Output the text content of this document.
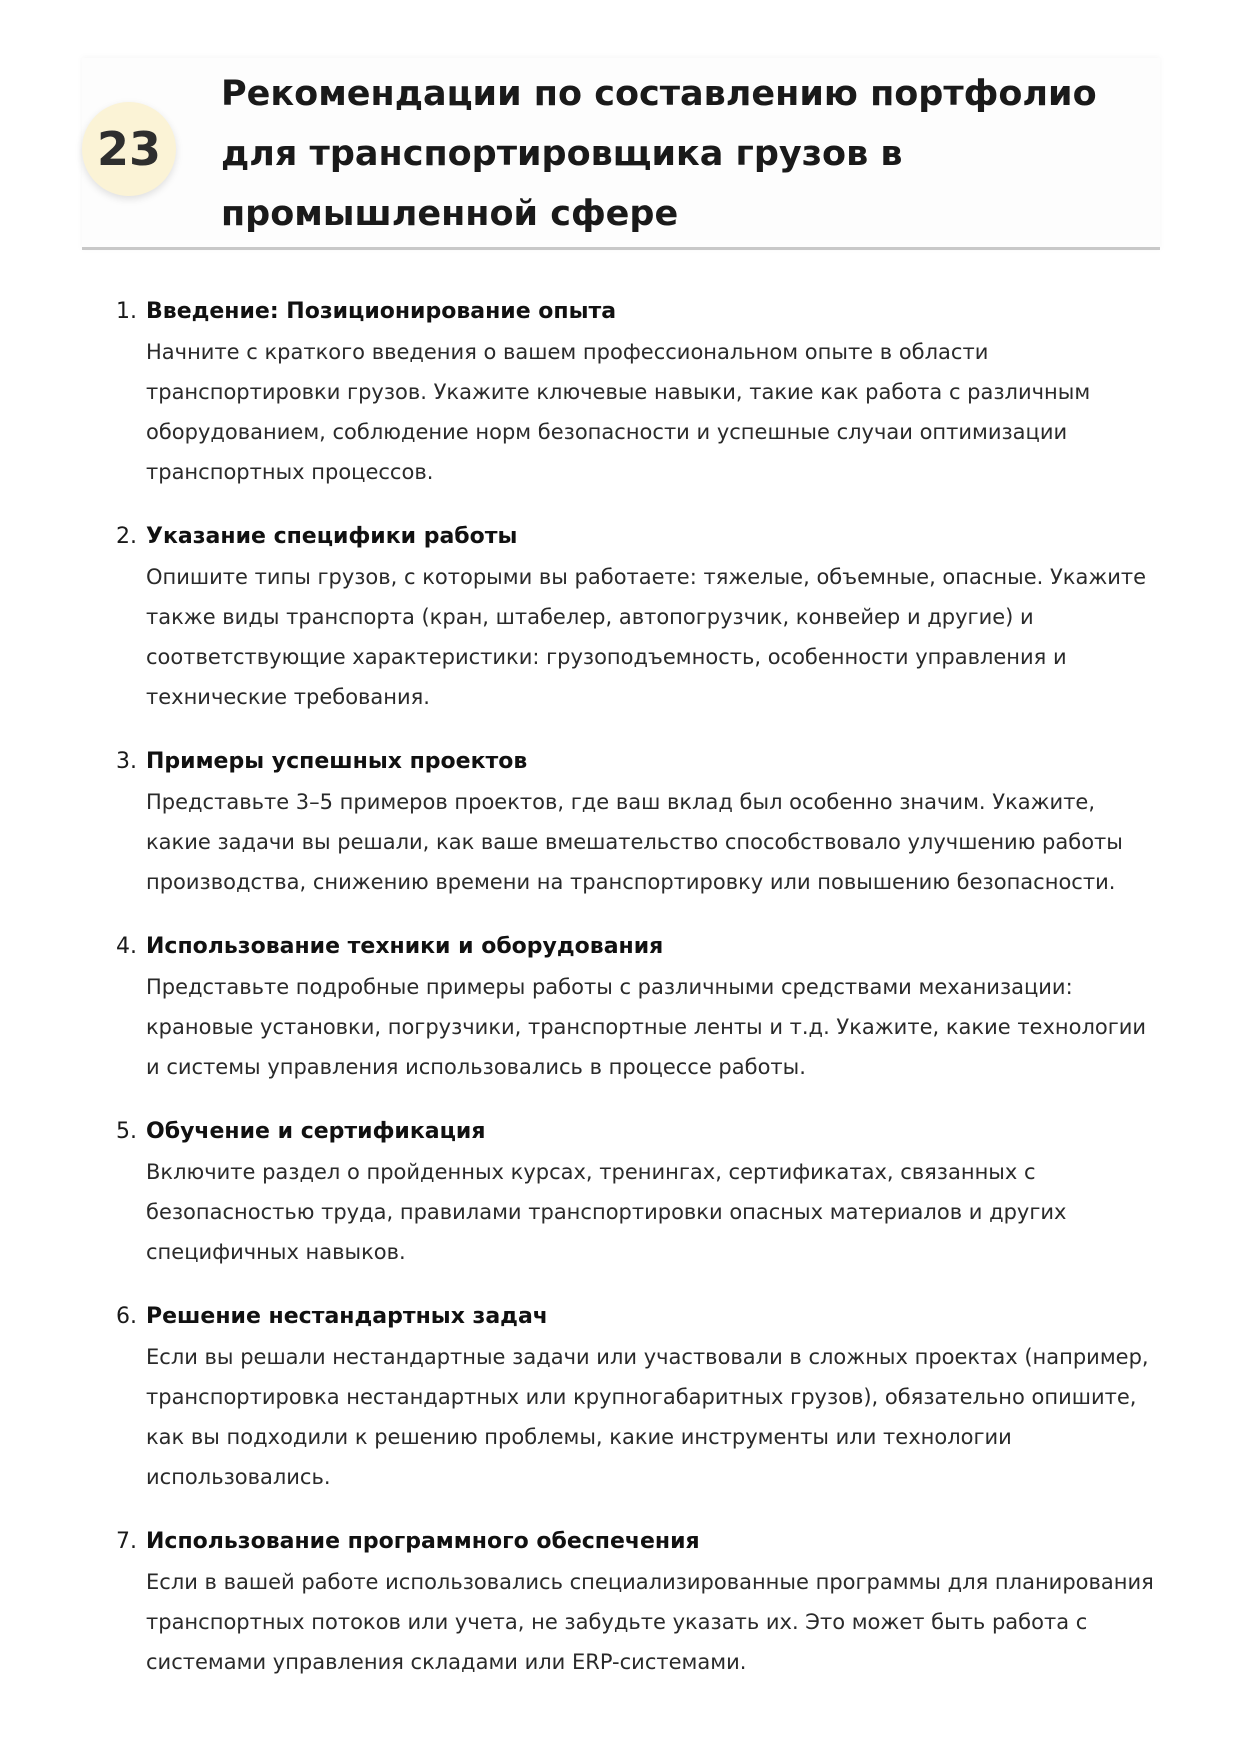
23
Рекомендации по составлению портфолио для транспортировщика грузов в промышленной сфере
1. Введение: Позиционирование опыта
Начните с краткого введения о вашем профессиональном опыте в области транспортировки грузов. Укажите ключевые навыки, такие как работа с различным оборудованием, соблюдение норм безопасности и успешные случаи оптимизации транспортных процессов.
2. Указание специфики работы
Опишите типы грузов, с которыми вы работаете: тяжелые, объемные, опасные. Укажите также виды транспорта (кран, штабелер, автопогрузчик, конвейер и другие) и соответствующие характеристики: грузоподъемность, особенности управления и технические требования.
3. Примеры успешных проектов
Представьте 3–5 примеров проектов, где ваш вклад был особенно значим. Укажите, какие задачи вы решали, как ваше вмешательство способствовало улучшению работы производства, снижению времени на транспортировку или повышению безопасности.
4. Использование техники и оборудования
Представьте подробные примеры работы с различными средствами механизации: крановые установки, погрузчики, транспортные ленты и т.д. Укажите, какие технологии и системы управления использовались в процессе работы.
5. Обучение и сертификация
Включите раздел о пройденных курсах, тренингах, сертификатах, связанных с безопасностью труда, правилами транспортировки опасных материалов и других специфичных навыков.
6. Решение нестандартных задач
Если вы решали нестандартные задачи или участвовали в сложных проектах (например, транспортировка нестандартных или крупногабаритных грузов), обязательно опишите, как вы подходили к решению проблемы, какие инструменты или технологии использовались.
7. Использование программного обеспечения
Если в вашей работе использовались специализированные программы для планирования транспортных потоков или учета, не забудьте указать их. Это может быть работа с системами управления складами или ERP-системами.
